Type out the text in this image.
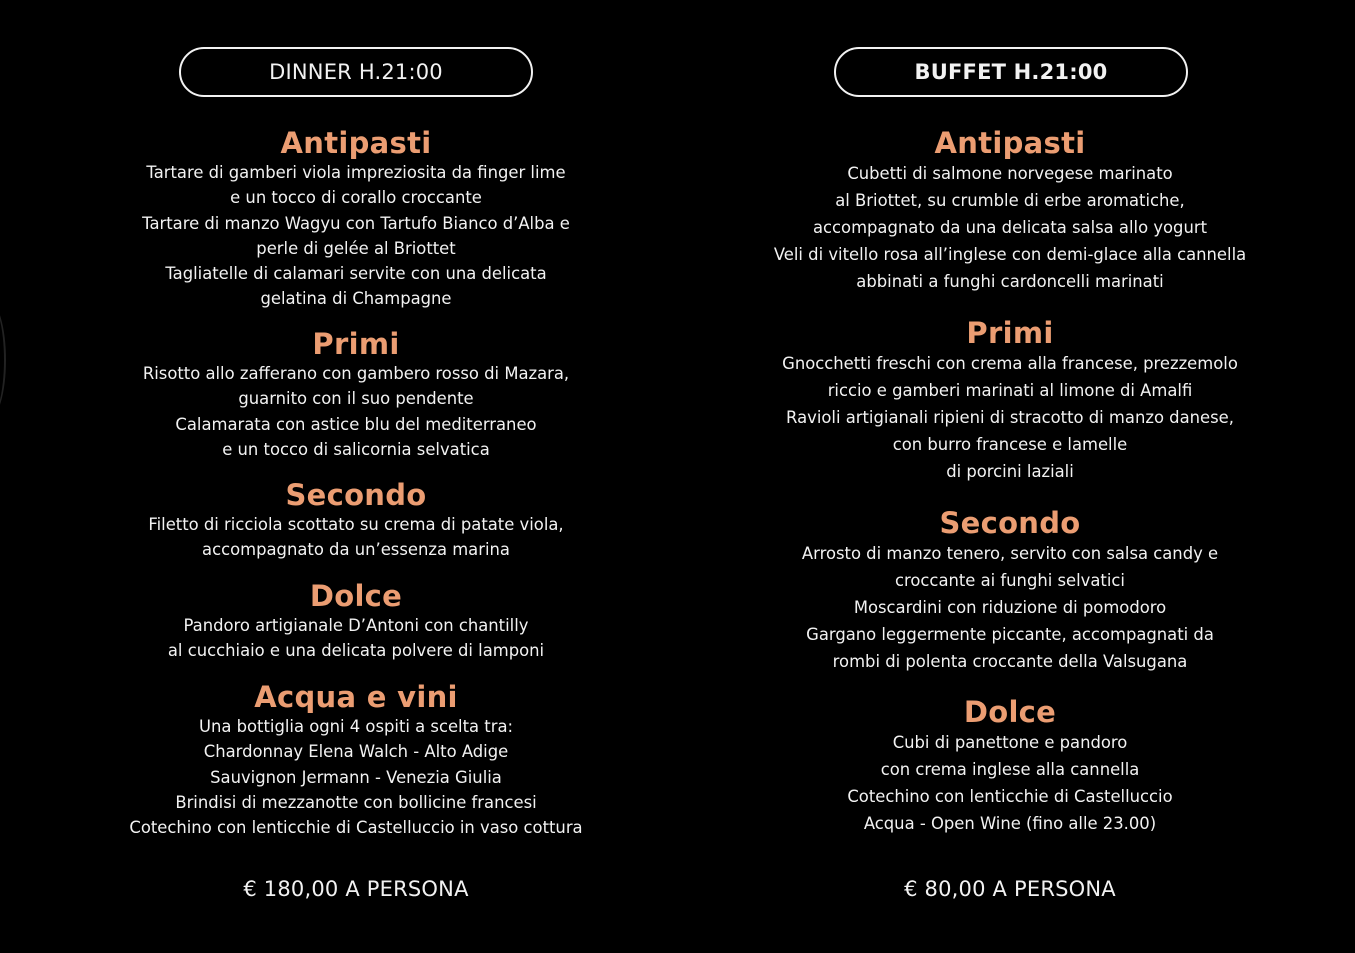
DINNER H.21:00
Antipasti

Tartare di gamberi viola impreziosita da finger lime

e un tocco di corallo croccante

Tartare di manzo Wagyu con Tartufo Bianco d’Alba e

perle di gelée al Briottet

Tagliatelle di calamari servite con una delicata

gelatina di Champagne

Primi

Risotto allo zafferano con gambero rosso di Mazara,

guarnito con il suo pendente

Calamarata con astice blu del mediterraneo

e un tocco di salicornia selvatica

Secondo

Filetto di ricciola scottato su crema di patate viola,

accompagnato da un’essenza marina

Dolce

Pandoro artigianale D’Antoni con chantilly

al cucchiaio e una delicata polvere di lamponi

Acqua e vini

Una bottiglia ogni 4 ospiti a scelta tra:

Chardonnay Elena Walch - Alto Adige

Sauvignon Jermann - Venezia Giulia

Brindisi di mezzanotte con bollicine francesi

Cotechino con lenticchie di Castelluccio in vaso cottura

€ 180,00 A PERSONA
BUFFET H.21:00
Antipasti

Cubetti di salmone norvegese marinato

al Briottet, su crumble di erbe aromatiche,

accompagnato da una delicata salsa allo yogurt

Veli di vitello rosa all’inglese con demi-glace alla cannella

abbinati a funghi cardoncelli marinati

Primi

Gnocchetti freschi con crema alla francese, prezzemolo

riccio e gamberi marinati al limone di Amalfi

Ravioli artigianali ripieni di stracotto di manzo danese,

con burro francese e lamelle

di porcini laziali

Secondo

Arrosto di manzo tenero, servito con salsa candy e

croccante ai funghi selvatici

Moscardini con riduzione di pomodoro

Gargano leggermente piccante, accompagnati da

rombi di polenta croccante della Valsugana

Dolce

Cubi di panettone e pandoro

con crema inglese alla cannella

Cotechino con lenticchie di Castelluccio

Acqua - Open Wine (fino alle 23.00)

€ 80,00 A PERSONA
